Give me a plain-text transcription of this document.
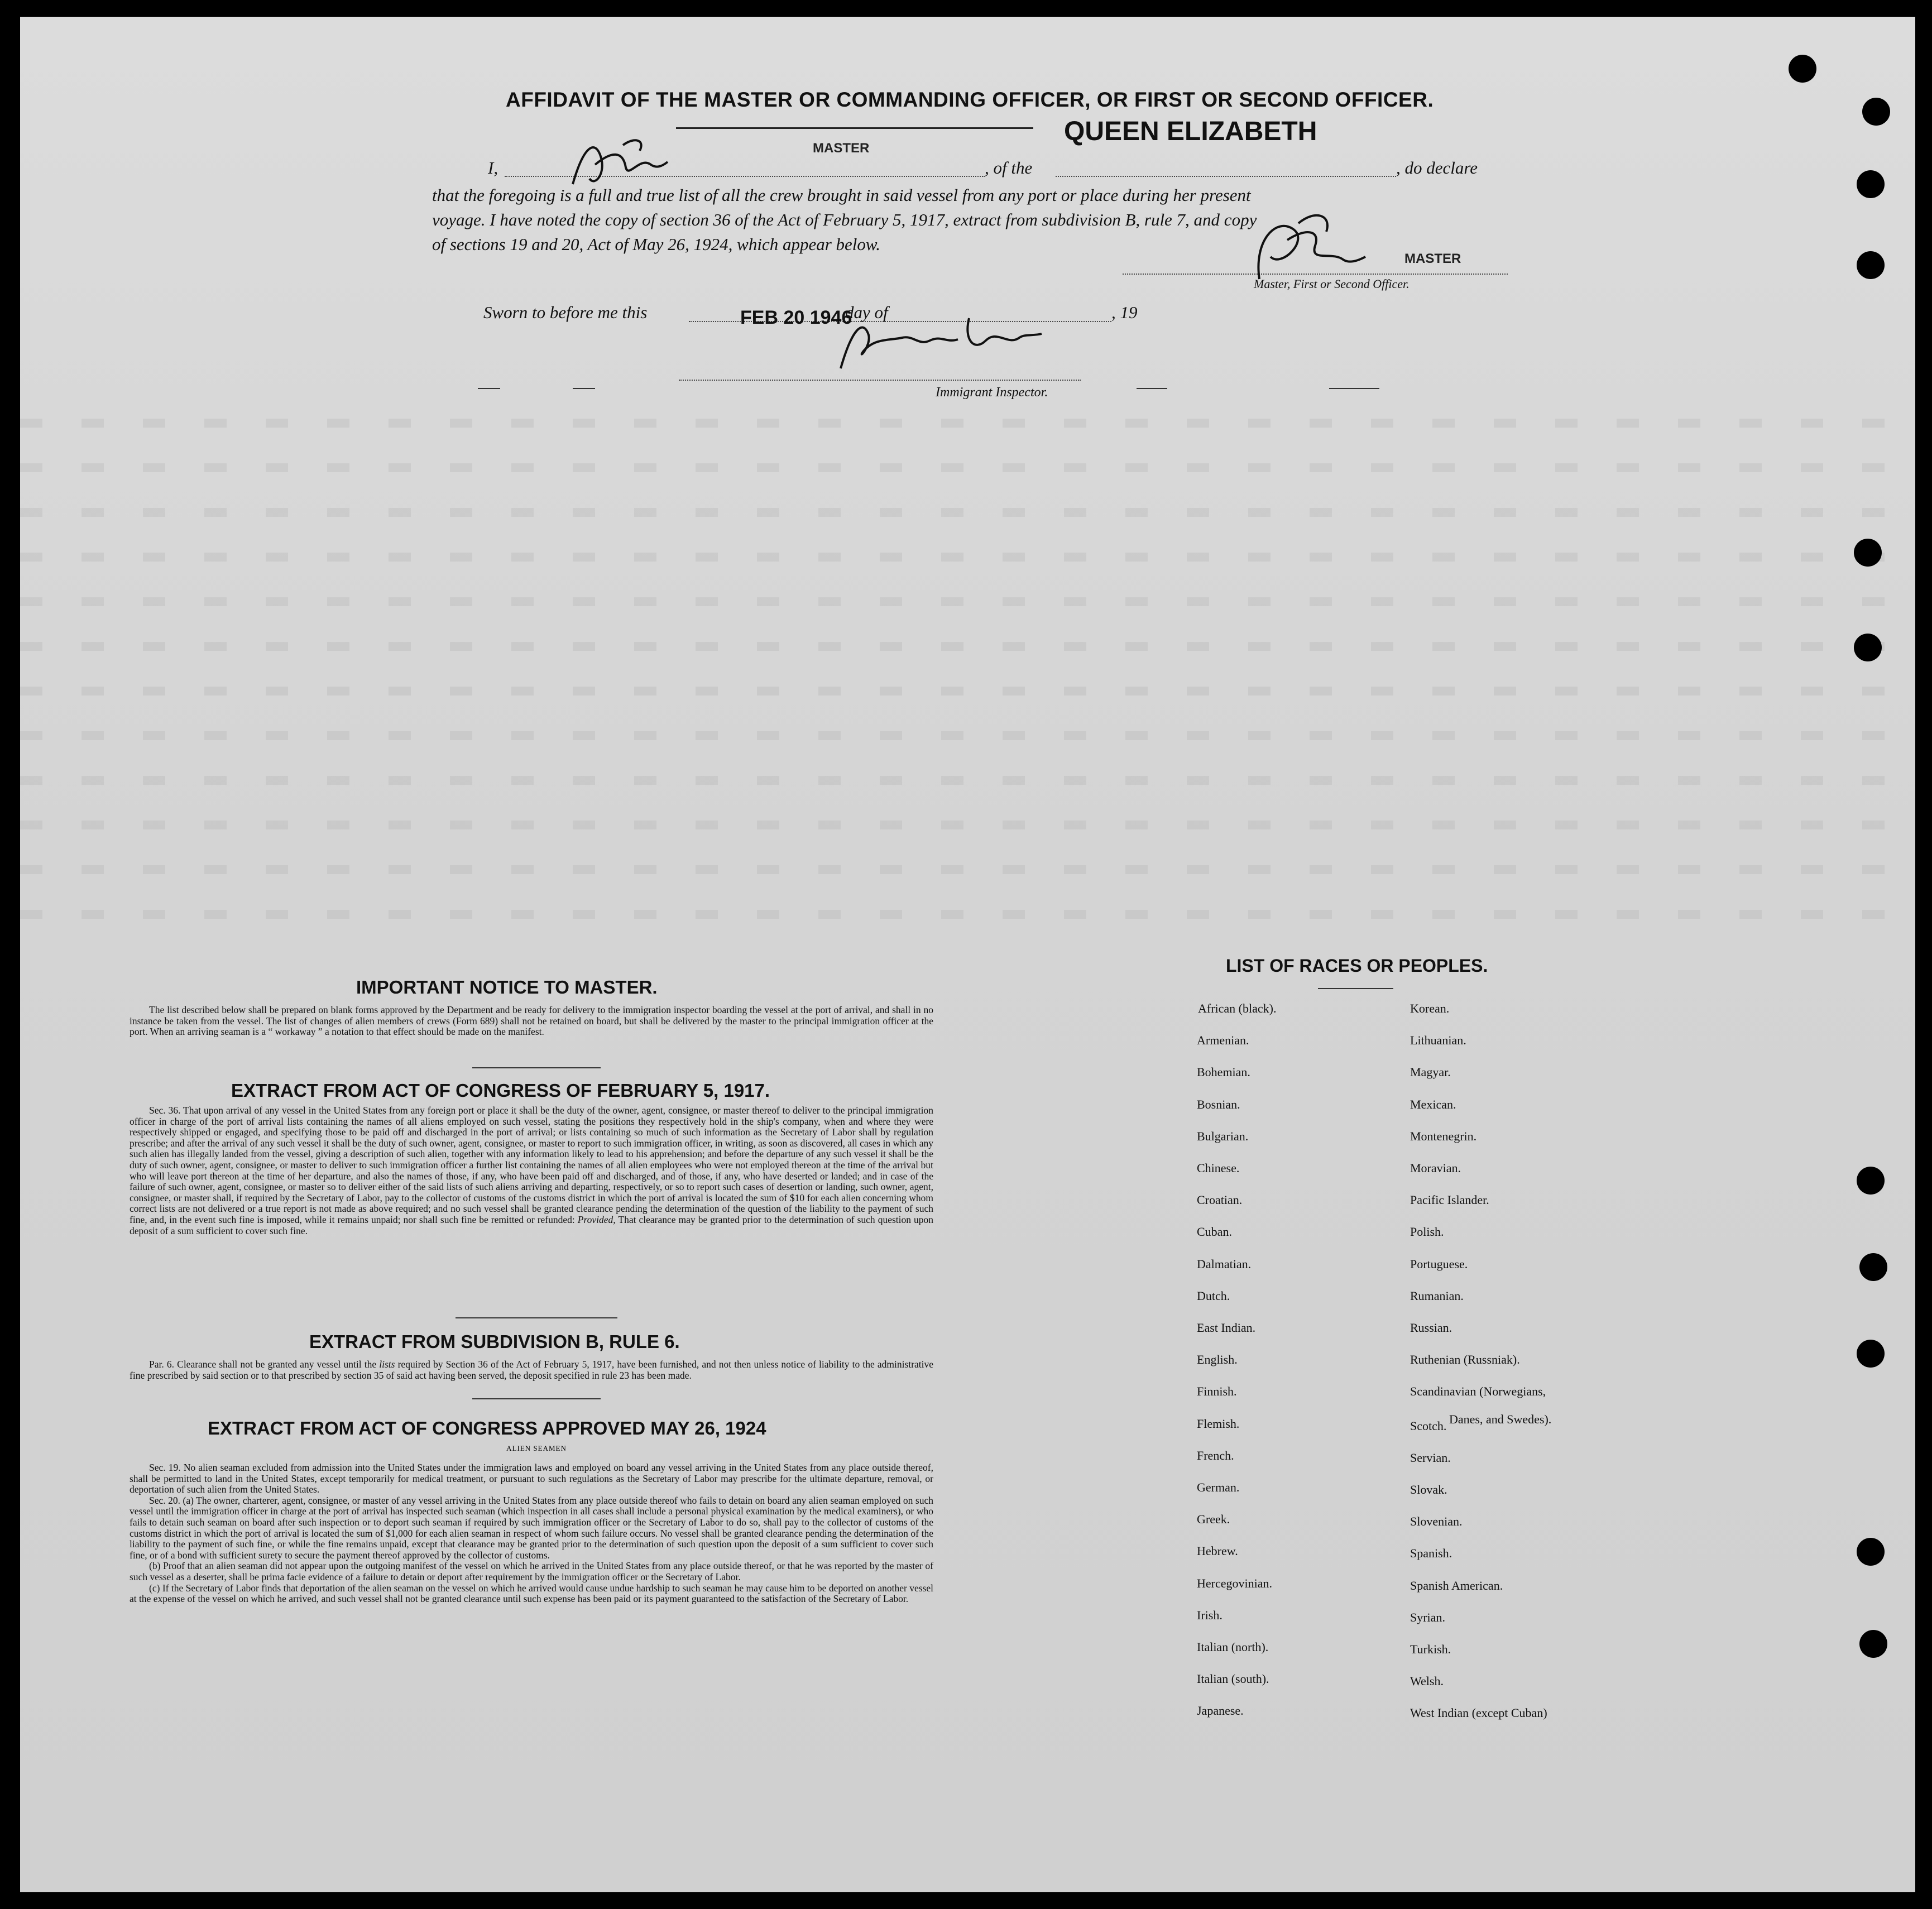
AFFIDAVIT OF THE MASTER OR COMMANDING OFFICER, OR FIRST OR SECOND OFFICER.
QUEEN ELIZABETH
I,
MASTER
, of the	, do declare
that the foregoing is a full and true list of all the crew brought in said vessel from any port or place during her present
voyage. I have noted the copy of section 36 of the Act of February 5, 1917, extract from subdivision B, rule 7, and copy
of sections 19 and 20, Act of May 26, 1924, which appear below.
MASTER
Master, First or Second Officer.
Sworn to before me this	FEB 20 1946
day of	, 19
Immigrant Inspector.
IMPORTANT NOTICE TO MASTER.

The list described below shall be prepared on blank forms approved by the Department and be ready for delivery to the immigration inspector boarding the vessel at the port of arrival, and shall in no instance be taken from the vessel. The list of changes of alien members of crews (Form 689) shall not be retained on board, but shall be delivered by the master to the principal immigration officer at the port. When an arriving seaman is a “ workaway ” a notation to that effect should be made on the manifest.

EXTRACT FROM ACT OF CONGRESS OF FEBRUARY 5, 1917.

Sec. 36. That upon arrival of any vessel in the United States from any foreign port or place it shall be the duty of the owner, agent, consignee, or master thereof to deliver to the principal immigration officer in charge of the port of arrival lists containing the names of all aliens employed on such vessel, stating the positions they respectively hold in the ship's company, when and where they were respectively shipped or engaged, and specifying those to be paid off and discharged in the port of arrival; or lists containing so much of such information as the Secretary of Labor shall by regulation prescribe; and after the arrival of any such vessel it shall be the duty of such owner, agent, consignee, or master to report to such immigration officer, in writing, as soon as discovered, all cases in which any such alien has illegally landed from the vessel, giving a description of such alien, together with any information likely to lead to his apprehension; and before the departure of any such vessel it shall be the duty of such owner, agent, consignee, or master to deliver to such immigration officer a further list containing the names of all alien employees who were not employed thereon at the time of the arrival but who will leave port thereon at the time of her departure, and also the names of those, if any, who have been paid off and discharged, and of those, if any, who have deserted or landed; and in case of the failure of such owner, agent, consignee, or master so to deliver either of the said lists of such aliens arriving and departing, respectively, or so to report such cases of desertion or landing, such owner, agent, consignee, or master shall, if required by the Secretary of Labor, pay to the collector of customs of the customs district in which the port of arrival is located the sum of $10 for each alien concerning whom correct lists are not delivered or a true report is not made as above required; and no such vessel shall be granted clearance pending the determination of the question of the liability to the payment of such fine, and, in the event such fine is imposed, while it remains unpaid; nor shall such fine be remitted or refunded: Provided, That clearance may be granted prior to the determination of such question upon deposit of a sum sufficient to cover such fine.

EXTRACT FROM SUBDIVISION B, RULE 6.

Par. 6. Clearance shall not be granted any vessel until the lists required by Section 36 of the Act of February 5, 1917, have been furnished, and not then unless notice of liability to the administrative fine prescribed by said section or to that prescribed by section 35 of said act having been served, the deposit specified in rule 23 has been made.

EXTRACT FROM ACT OF CONGRESS APPROVED MAY 26, 1924
ALIEN SEAMEN

Sec. 19. No alien seaman excluded from admission into the United States under the immigration laws and employed on board any vessel arriving in the United States from any place outside thereof, shall be permitted to land in the United States, except temporarily for medical treatment, or pursuant to such regulations as the Secretary of Labor may prescribe for the ultimate departure, removal, or deportation of such alien from the United States.

Sec. 20. (a) The owner, charterer, agent, consignee, or master of any vessel arriving in the United States from any place outside thereof who fails to detain on board any alien seaman employed on such vessel until the immigration officer in charge at the port of arrival has inspected such seaman (which inspection in all cases shall include a personal physical examination by the medical examiners), or who fails to detain such seaman on board after such inspection or to deport such seaman if required by such immigration officer or the Secretary of Labor to do so, shall pay to the collector of customs of the customs district in which the port of arrival is located the sum of $1,000 for each alien seaman in respect of whom such failure occurs. No vessel shall be granted clearance pending the determination of the liability to the payment of such fine, or while the fine remains unpaid, except that clearance may be granted prior to the determination of such question upon the deposit of a sum sufficient to cover such fine, or of a bond with sufficient surety to secure the payment thereof approved by the collector of customs.

(b) Proof that an alien seaman did not appear upon the outgoing manifest of the vessel on which he arrived in the United States from any place outside thereof, or that he was reported by the master of such vessel as a deserter, shall be prima facie evidence of a failure to detain or deport after requirement by the immigration officer or the Secretary of Labor.

(c) If the Secretary of Labor finds that deportation of the alien seaman on the vessel on which he arrived would cause undue hardship to such seaman he may cause him to be deported on another vessel at the expense of the vessel on which he arrived, and such vessel shall not be granted clearance until such expense has been paid or its payment guaranteed to the satisfaction of the Secretary of Labor.

LIST OF RACES OR PEOPLES.
Danes, and Swedes).
African (black).
Armenian.
Bohemian.
Bosnian.
Bulgarian.
Chinese.
Croatian.
Cuban.
Dalmatian.
Dutch.
East Indian.
English.
Finnish.
Flemish.
French.
German.
Greek.
Hebrew.
Hercegovinian.
Irish.
Italian (north).
Italian (south).
Japanese.
Korean.
Lithuanian.
Magyar.
Mexican.
Montenegrin.
Moravian.
Pacific Islander.
Polish.
Portuguese.
Rumanian.
Russian.
Ruthenian (Russniak).
Scandinavian (Norwegians,
Scotch.
Servian.
Slovak.
Slovenian.
Spanish.
Spanish American.
Syrian.
Turkish.
Welsh.
West Indian (except Cuban)
